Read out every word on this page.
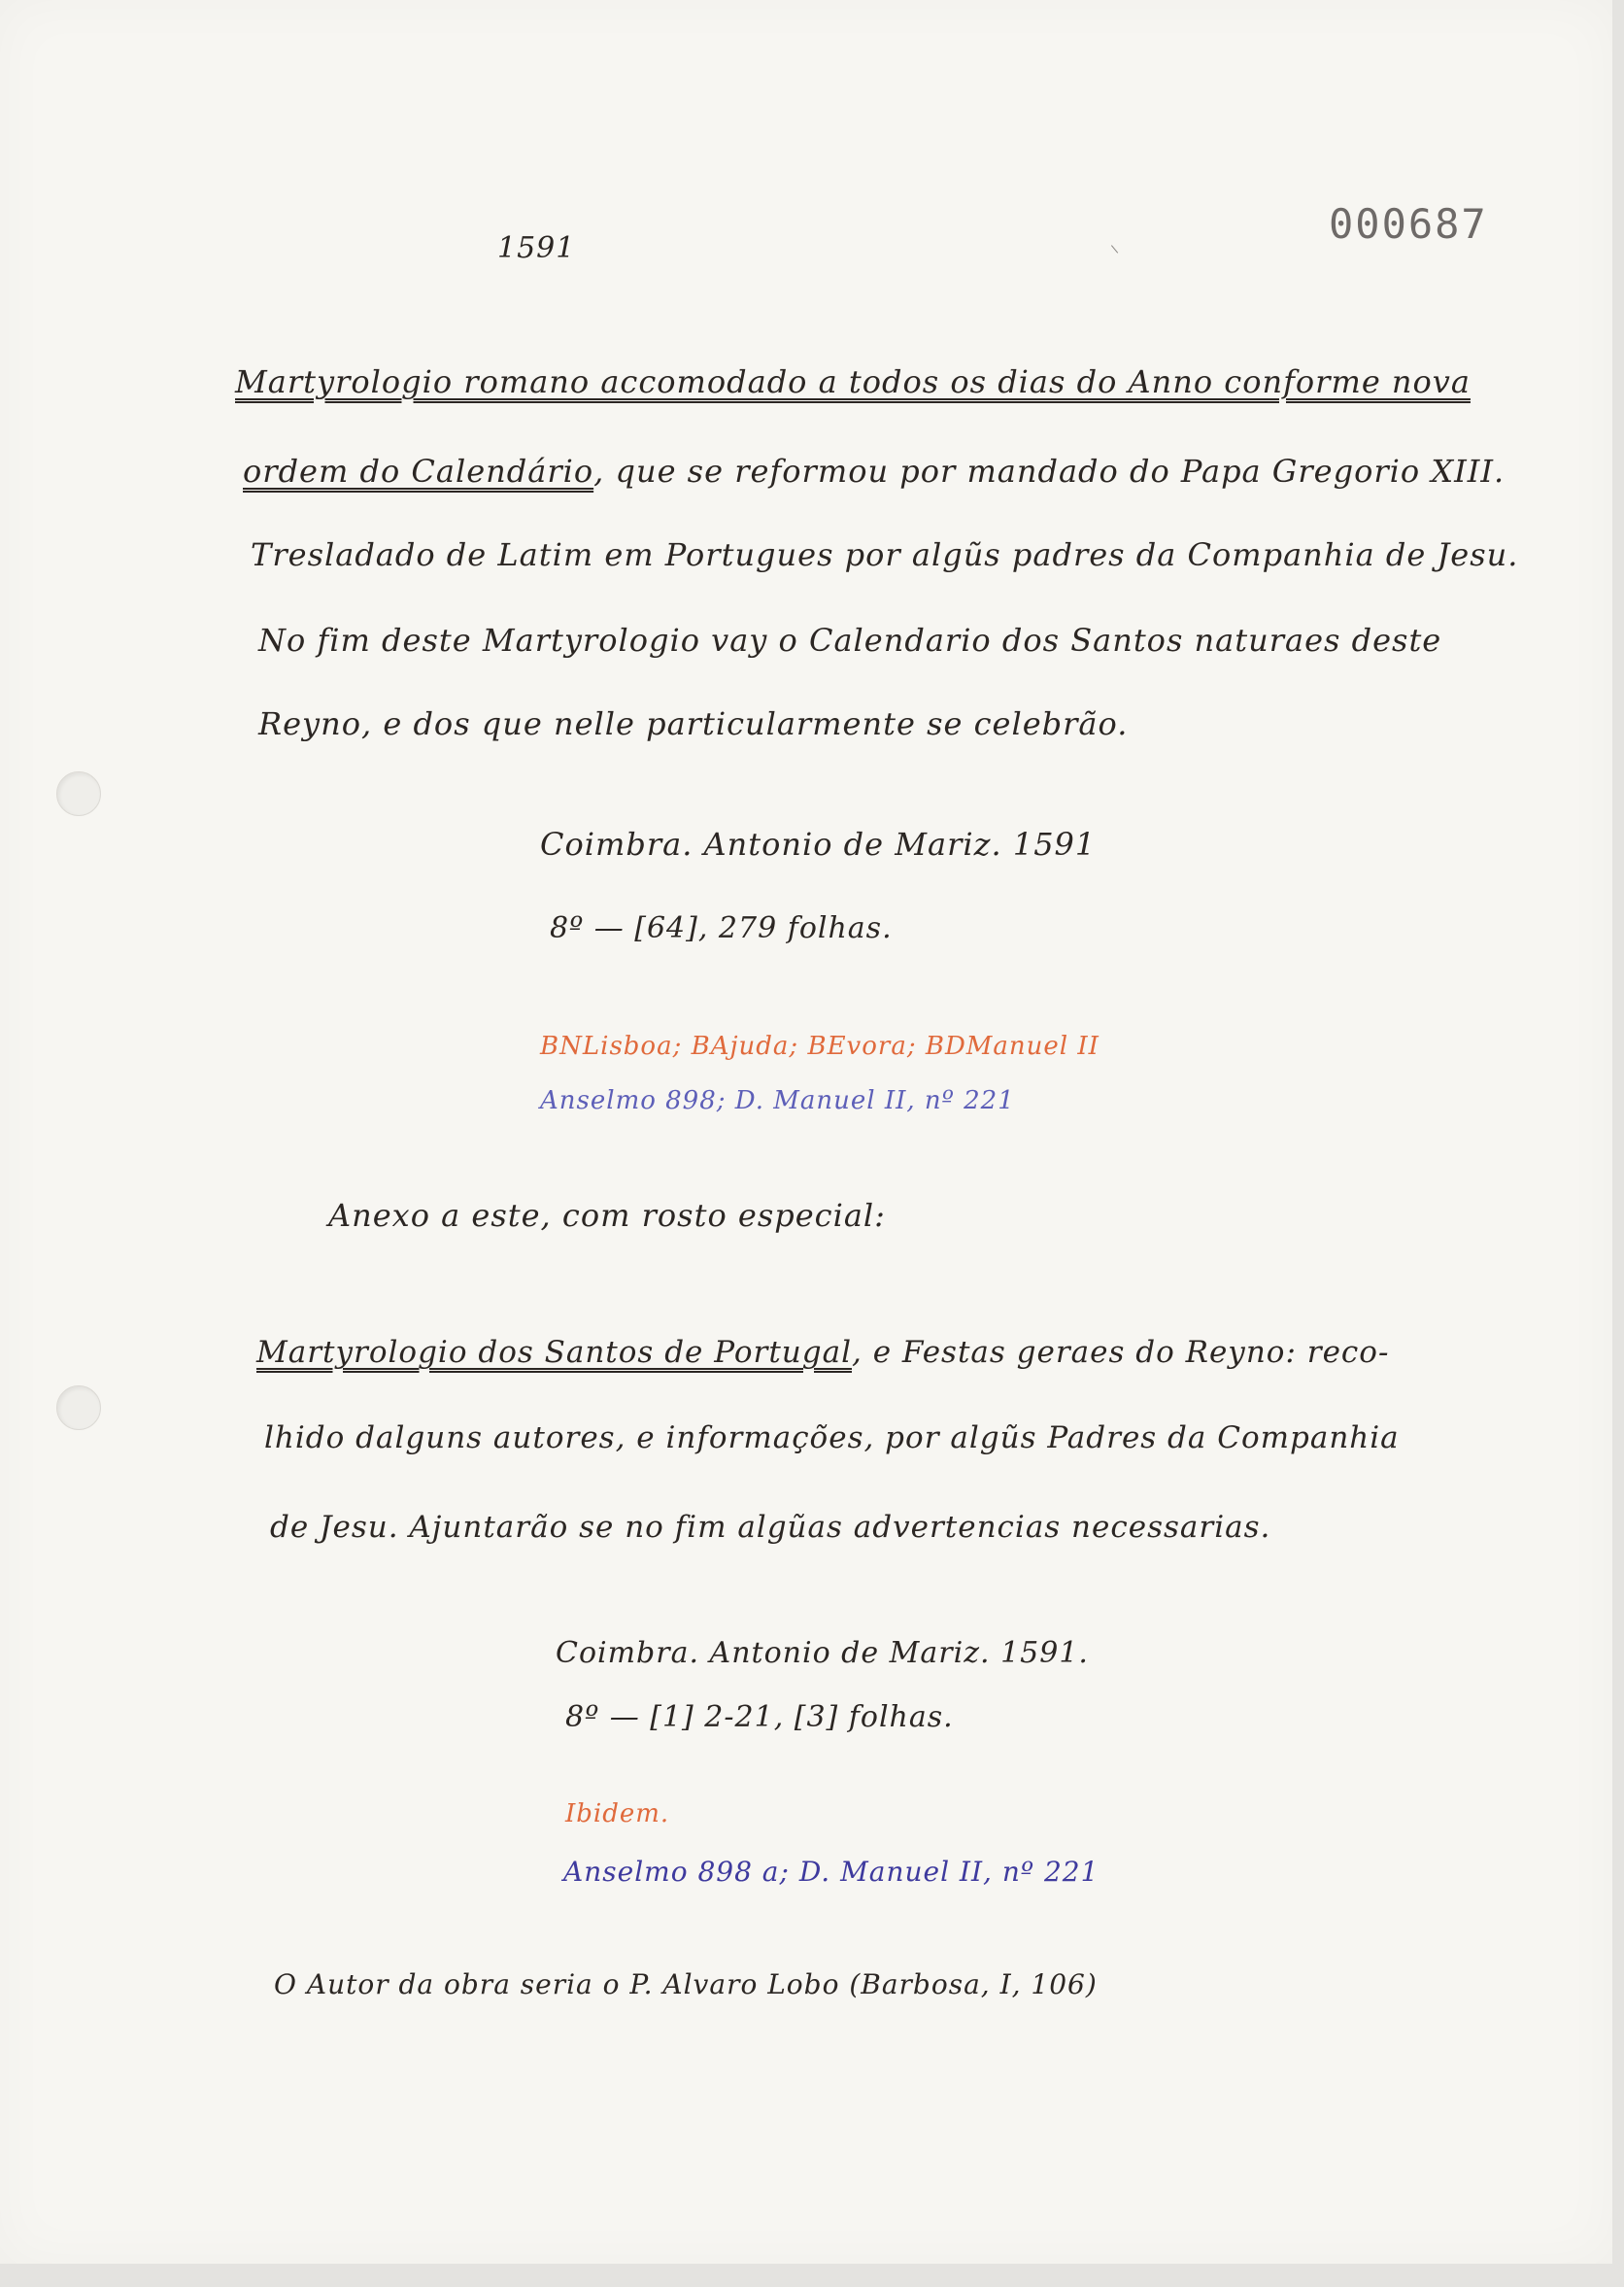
1591
000687
Martyrologio romano accomodado a todos os dias do Anno conforme nova
ordem do Calendário, que se reformou por mandado do Papa Gregorio XIII.
Tresladado de Latim em Portugues por algũs padres da Companhia de Jesu.
No fim deste Martyrologio vay o Calendario dos Santos naturaes deste
Reyno, e dos que nelle particularmente se celebrão.
Coimbra. Antonio de Mariz. 1591
8º — [64], 279 folhas.
BNLisboa; BAjuda; BEvora; BDManuel II
Anselmo 898; D. Manuel II, nº 221
Anexo a este, com rosto especial:
Martyrologio dos Santos de Portugal, e Festas geraes do Reyno: reco-
lhido dalguns autores, e informações, por algũs Padres da Companhia
de Jesu. Ajuntarão se no fim algũas advertencias necessarias.
Coimbra. Antonio de Mariz. 1591.
8º — [1] 2-21, [3] folhas.
Ibidem.
Anselmo 898 a; D. Manuel II, nº 221
O Autor da obra seria o P. Alvaro Lobo (Barbosa, I, 106)
